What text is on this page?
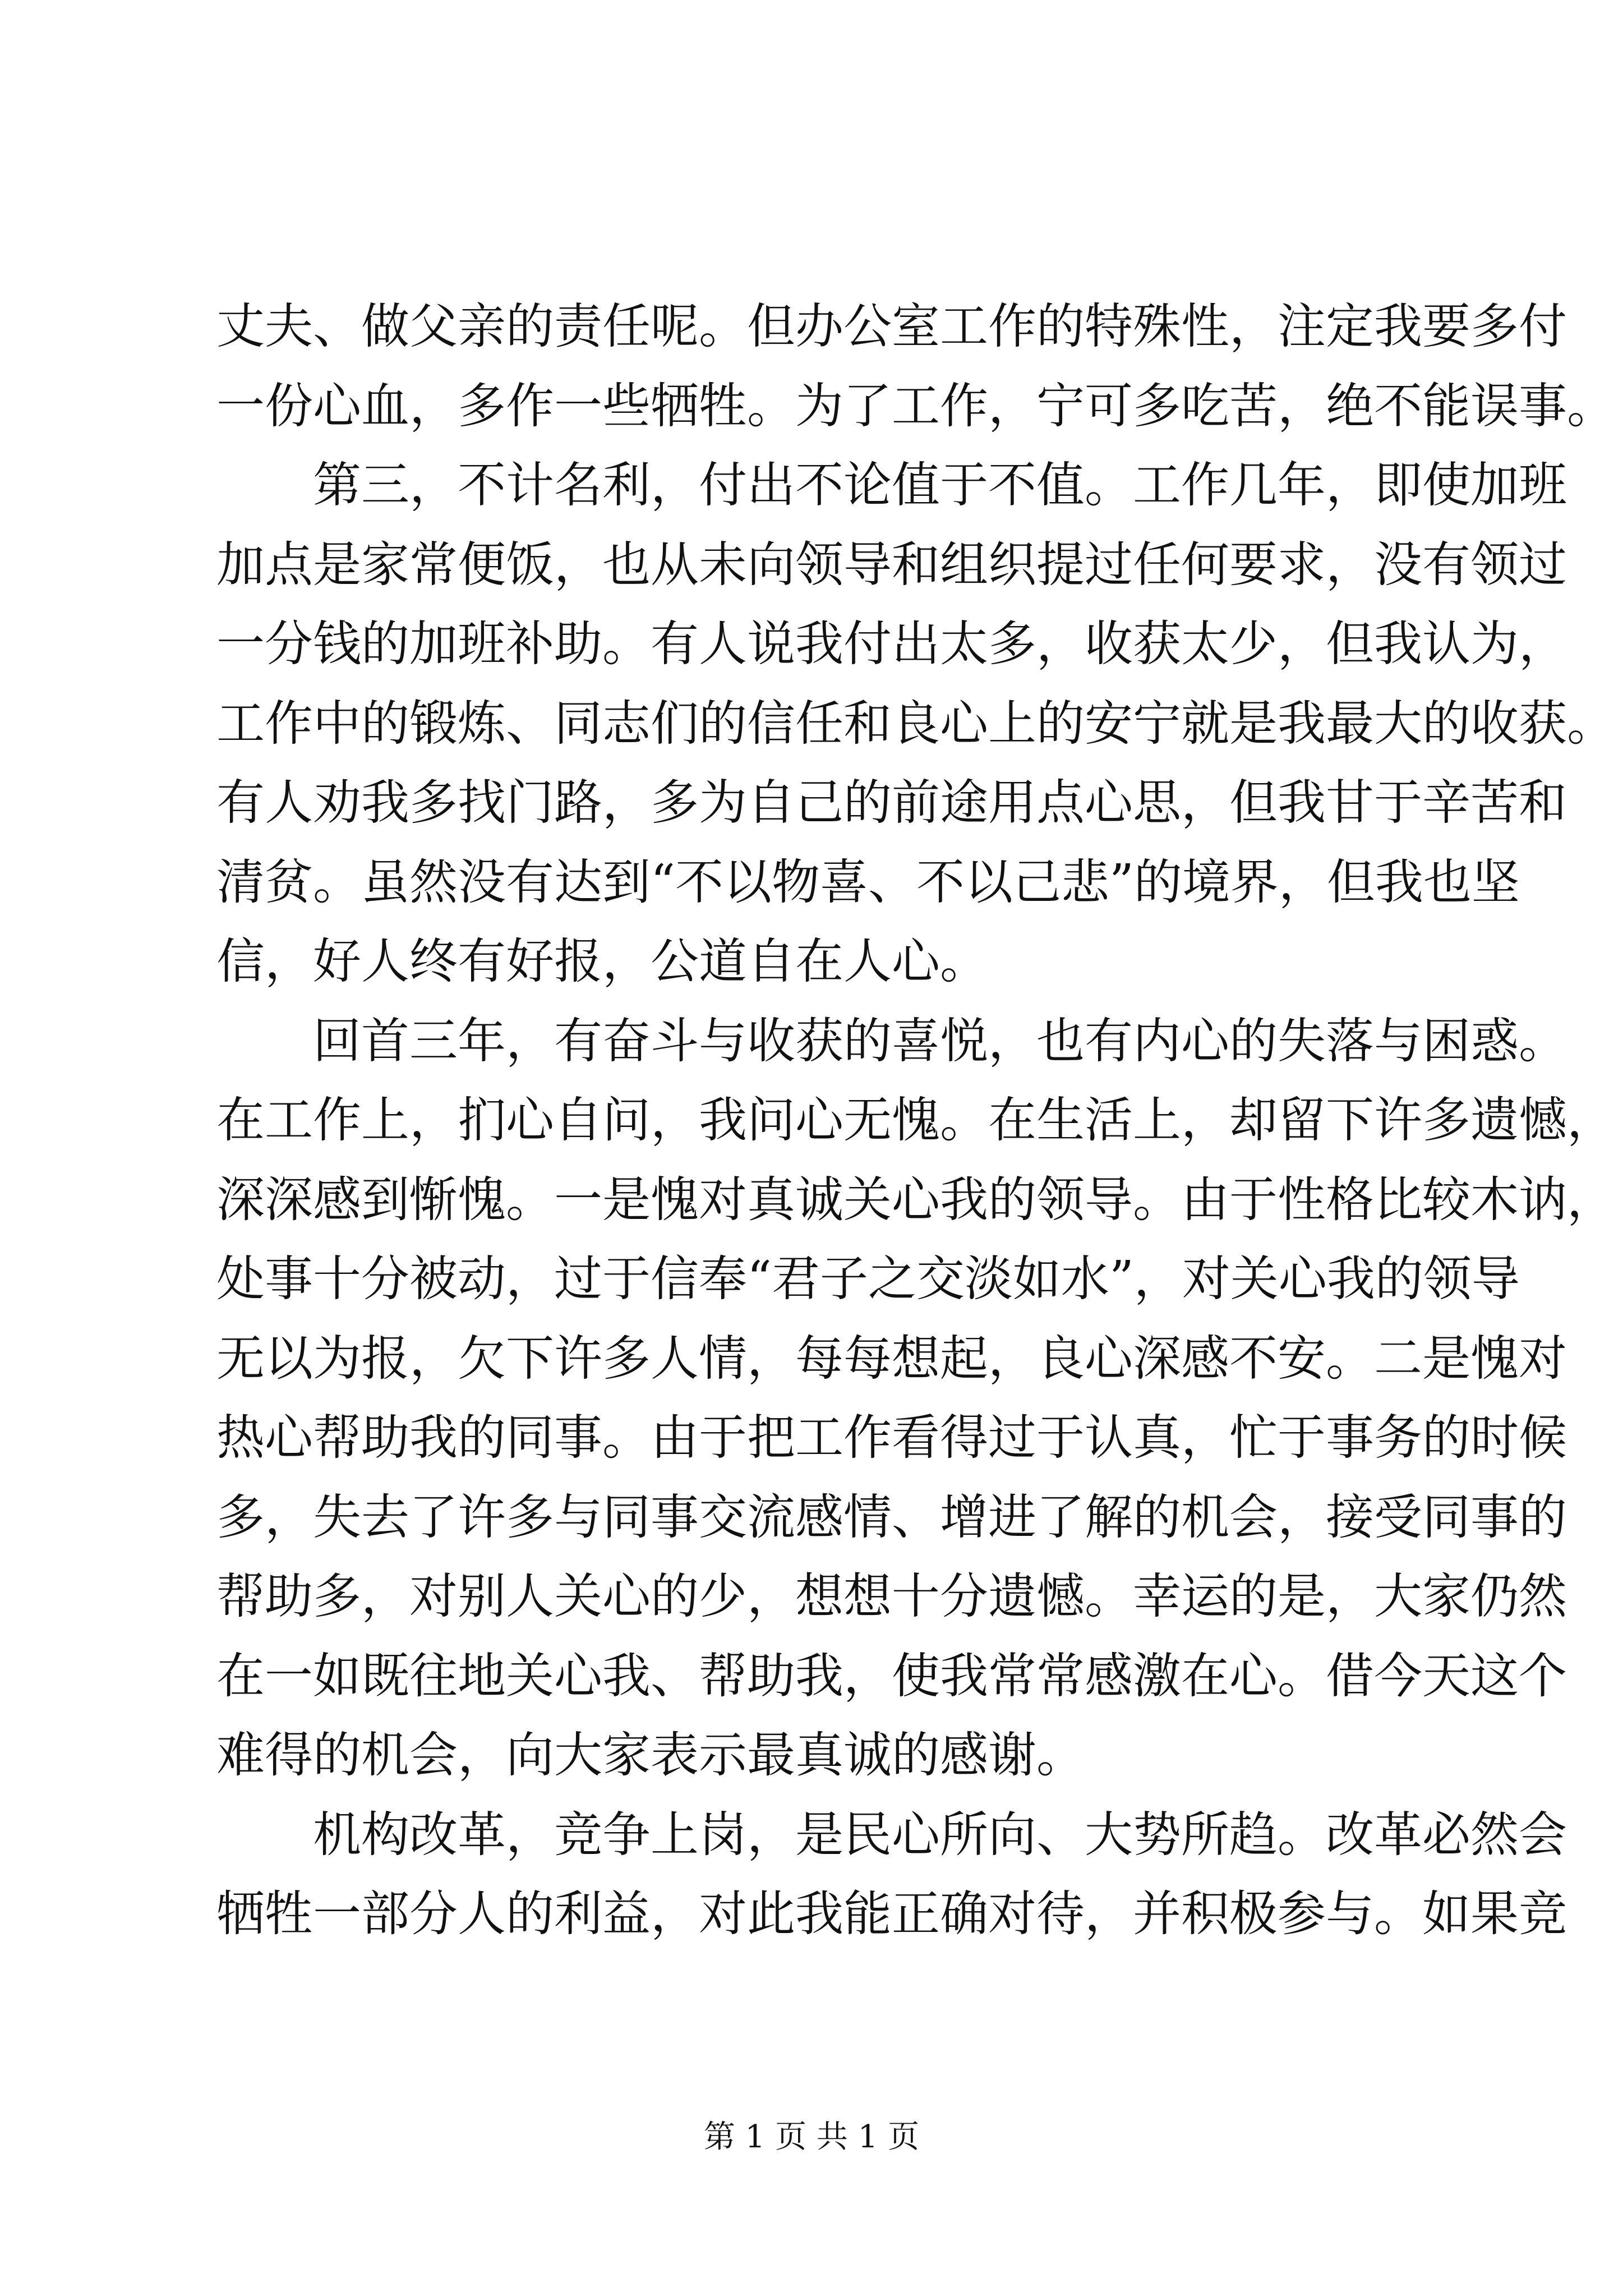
丈夫、做父亲的责任呢。但办公室工作的特殊性，注定我要多付
一份心血，多作一些牺牲。为了工作，宁可多吃苦，绝不能误事。
第三，不计名利，付出不论值于不值。工作几年，即使加班
加点是家常便饭，也从未向领导和组织提过任何要求，没有领过
一分钱的加班补助。有人说我付出太多，收获太少，但我认为，
工作中的锻炼、同志们的信任和良心上的安宁就是我最大的收获。
有人劝我多找门路，多为自己的前途用点心思，但我甘于辛苦和
清贫。虽然没有达到“不以物喜、不以己悲”的境界，但我也坚
信，好人终有好报，公道自在人心。
回首三年，有奋斗与收获的喜悦，也有内心的失落与困惑。
在工作上，扪心自问，我问心无愧。在生活上，却留下许多遗憾，
深深感到惭愧。一是愧对真诚关心我的领导。由于性格比较木讷，
处事十分被动，过于信奉“君子之交淡如水”，对关心我的领导
无以为报，欠下许多人情，每每想起，良心深感不安。二是愧对
热心帮助我的同事。由于把工作看得过于认真，忙于事务的时候
多，失去了许多与同事交流感情、增进了解的机会，接受同事的
帮助多，对别人关心的少，想想十分遗憾。幸运的是，大家仍然
在一如既往地关心我、帮助我，使我常常感激在心。借今天这个
难得的机会，向大家表示最真诚的感谢。
机构改革，竞争上岗，是民心所向、大势所趋。改革必然会
牺牲一部分人的利益，对此我能正确对待，并积极参与。如果竞
第 1 页 共 1 页
